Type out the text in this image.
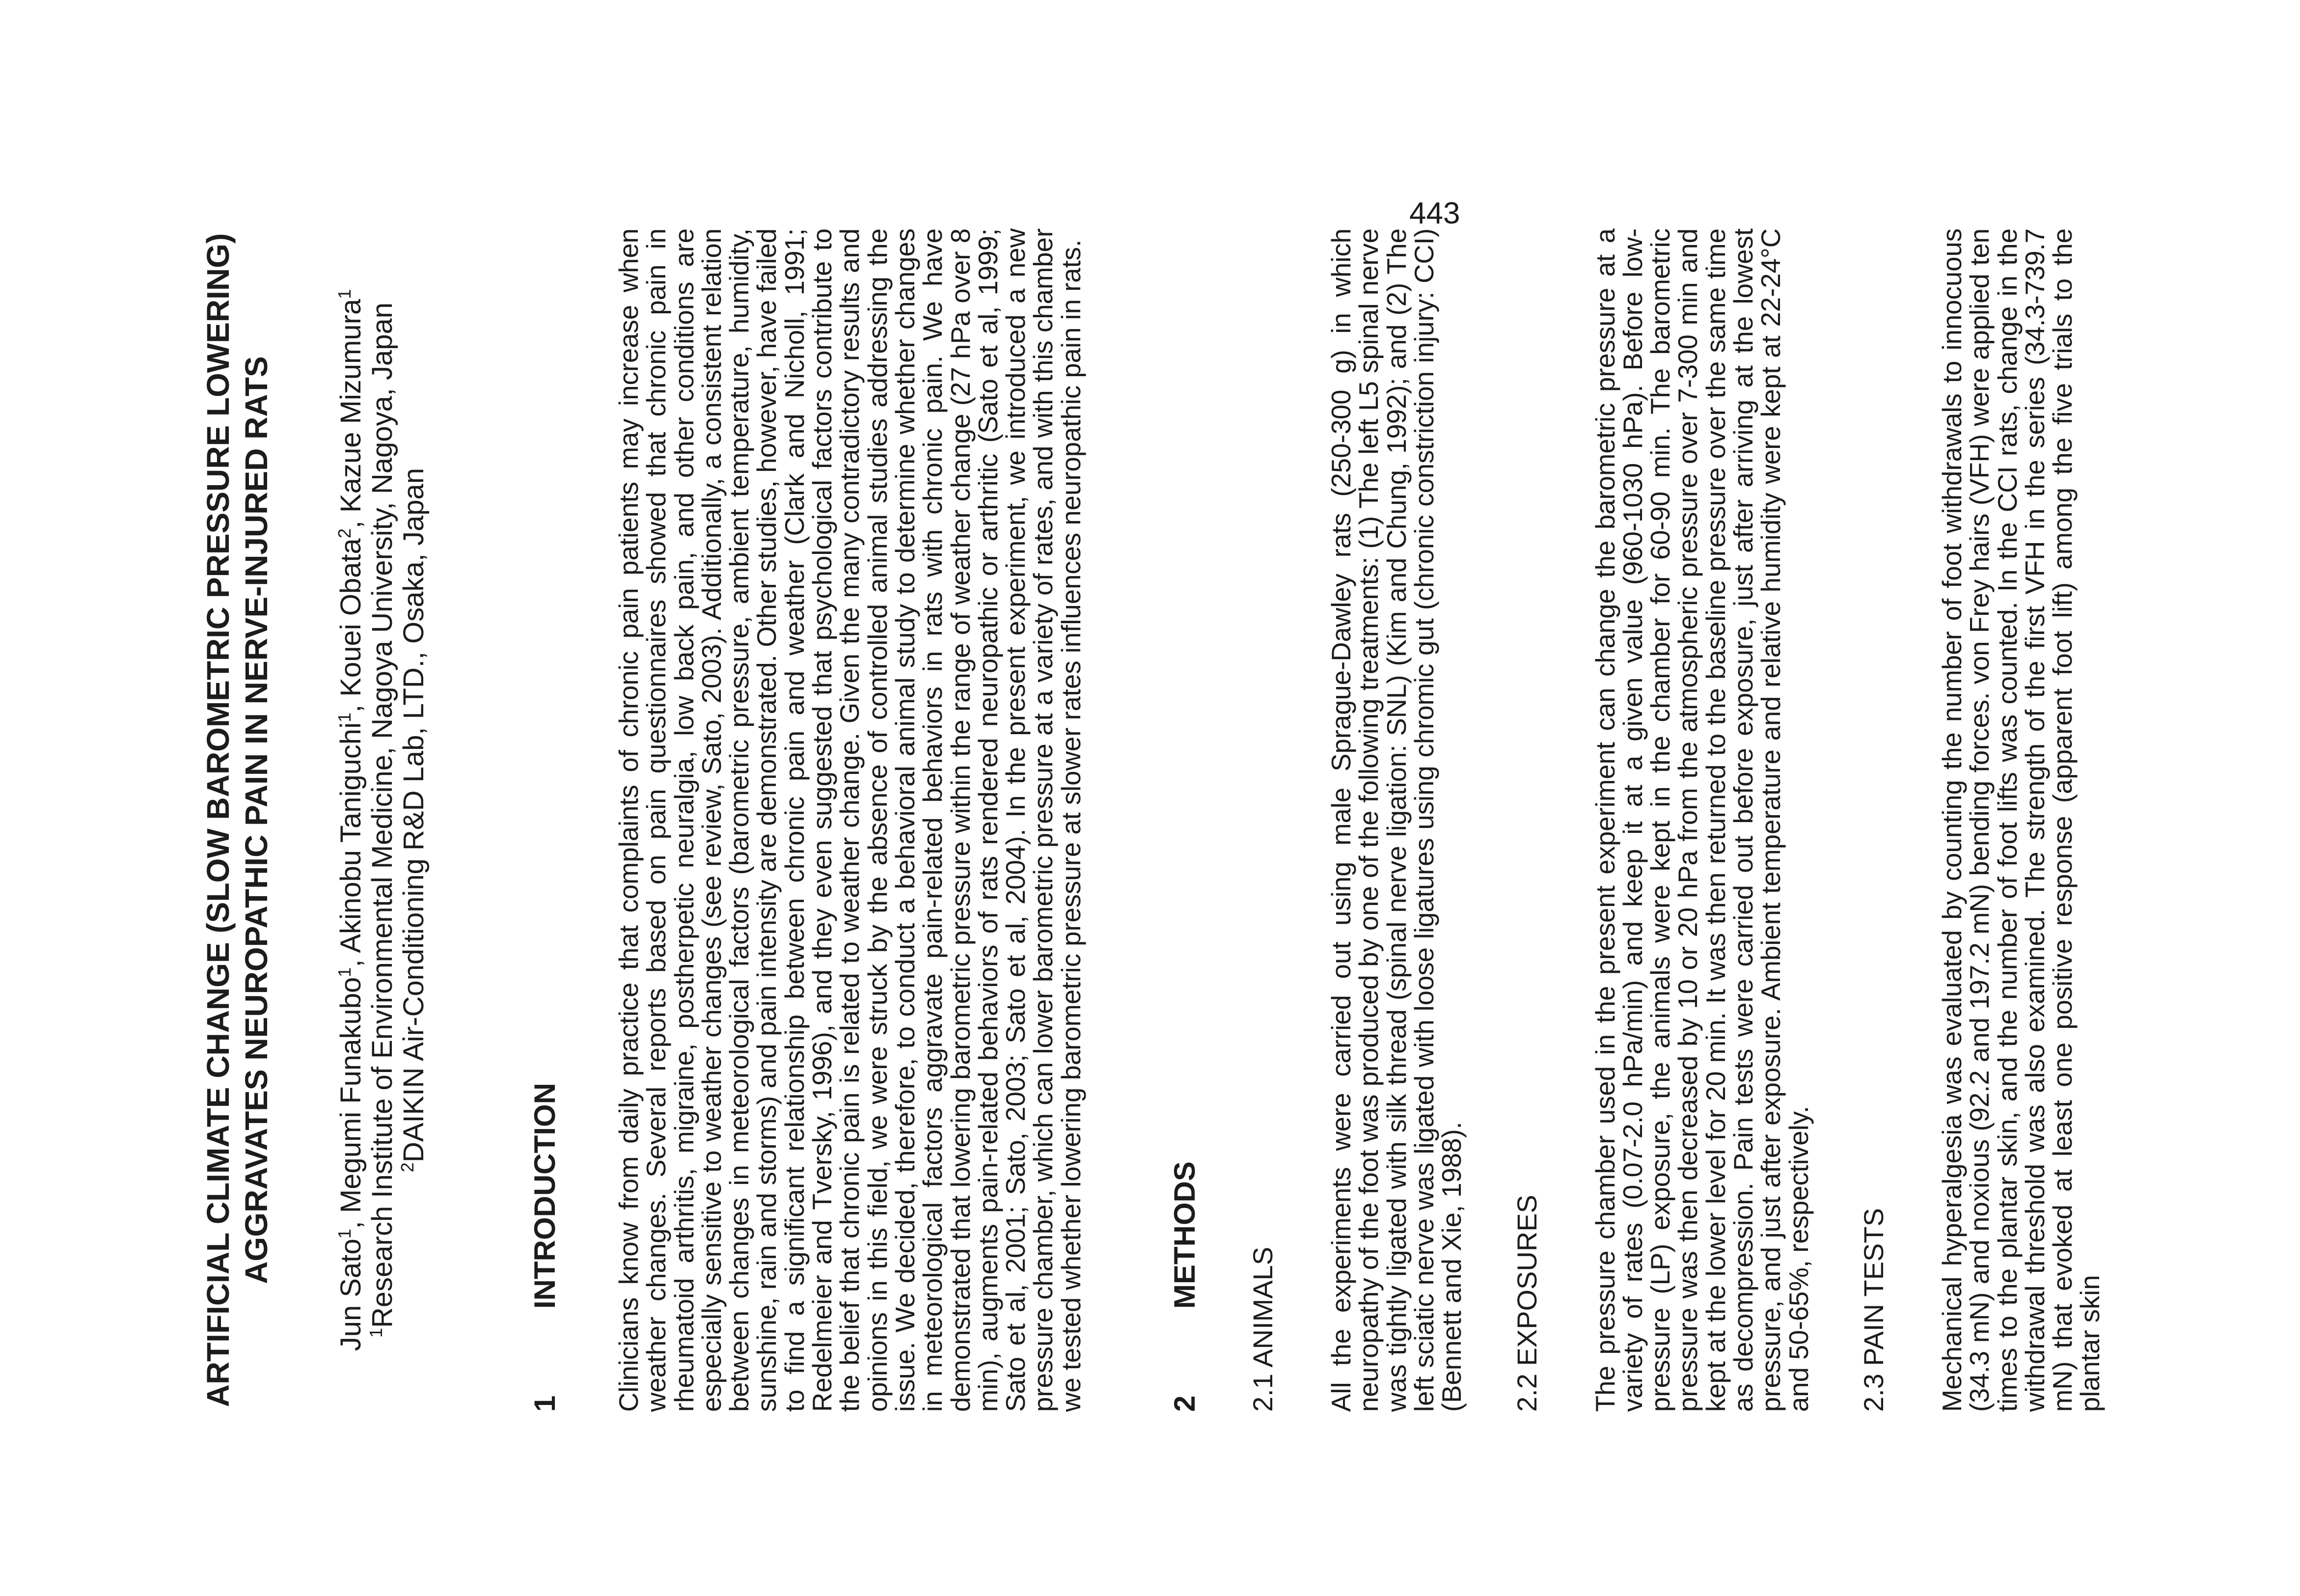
ARTIFICIAL CLIMATE CHANGE (SLOW BAROMETRIC PRESSURE LOWERING)
AGGRAVATES NEUROPATHIC PAIN IN NERVE-INJURED RATS
Jun Sato$^1$, Megumi Funakubo$^1$, Akinobu Taniguchi$^1$, Kouei Obata$^2$, Kazue Mizumura$^1$
$^1$Research Institute of Environmental Medicine, Nagoya University, Nagoya, Japan
$^2$DAIKIN Air-Conditioning R&D Lab, LTD., Osaka, Japan
1
INTRODUCTION Clinicians know from daily practice that complaints of chronic pain patients may increase when weather changes. Several reports based on pain questionnaires showed that chronic pain in rheumatoid arthritis, migraine, postherpetic neuralgia, low back pain, and other conditions are especially sensitive to weather changes (see review, Sato, 2003). Additionally, a consistent relation between changes in meteorological factors (barometric pressure, ambient temperature, humidity, sunshine, rain and storms) and pain intensity are demonstrated. Other studies, however, have failed to find a significant relationship between chronic pain and weather (Clark and Nicholl, 1991; Redelmeier and Tversky, 1996), and they even suggested that psychological factors contribute to the belief that chronic pain is related to weather change. Given the many contradictory results and opinions in this field, we were struck by the absence of controlled animal studies addressing the issue. We decided, therefore, to conduct a behavioral animal study to determine whether changes in meteorological factors aggravate pain-related behaviors in rats with chronic pain. We have demonstrated that lowering barometric pressure within the range of weather change (27 hPa over 8 min), augments pain-related behaviors of rats rendered neuropathic or arthritic (Sato et al, 1999; Sato et al, 2001; Sato, 2003; Sato et al, 2004). In the present experiment, we introduced a new pressure chamber, which can lower barometric pressure at a variety of rates, and with this chamber we tested whether lowering barometric pressure at slower rates influences neuropathic pain in rats.	2
METHODS
2.1 ANIMALS All the experiments were carried out using male Sprague-Dawley rats (250-300 g) in which neuropathy of the foot was produced by one of the following treatments: (1) The left L5 spinal nerve was tightly ligated with silk thread (spinal nerve ligation: SNL) (Kim and Chung, 1992); and (2) The left sciatic nerve was ligated with loose ligatures using chromic gut (chronic constriction injury: CCI) (Bennett and Xie, 1988). 2.2 EXPOSURES The pressure chamber used in the present experiment can change the barometric pressure at a variety of rates (0.07-2.0 hPa/min) and keep it at a given value (960-1030 hPa). Before low-pressure (LP) exposure, the animals were kept in the chamber for 60-90 min. The barometric pressure was then decreased by 10 or 20 hPa from the atmospheric pressure over 7-300 min and kept at the lower level for 20 min. It was then returned to the baseline pressure over the same time as decompression. Pain tests were carried out before exposure, just after arriving at the lowest pressure, and just after exposure. Ambient temperature and relative humidity were kept at 22-24°C and 50-65%, respectively. 2.3 PAIN TESTS Mechanical hyperalgesia was evaluated by counting the number of foot withdrawals to innocuous (34.3 mN) and noxious (92.2 and 197.2 mN) bending forces. von Frey hairs (VFH) were applied ten times to the plantar skin, and the number of foot lifts was counted. In the CCI rats, change in the withdrawal threshold was also examined. The strength of the first VFH in the series (34.3-739.7 mN) that evoked at least one positive response (apparent foot lift) among the five trials to the plantar skin

443
